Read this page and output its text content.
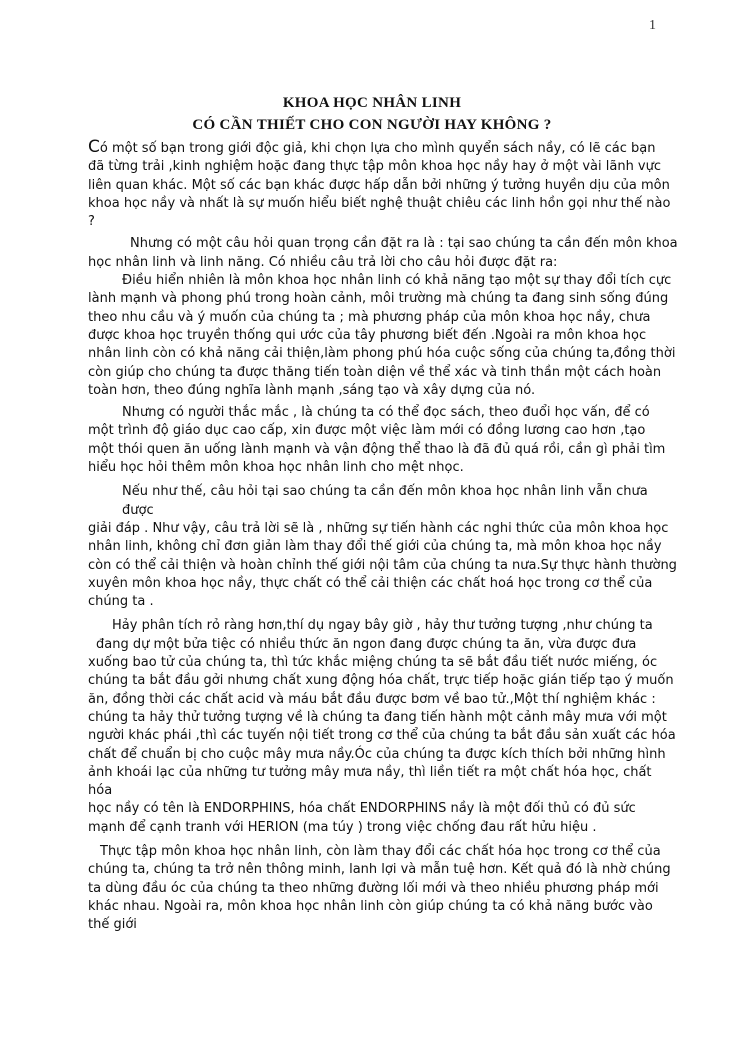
1
KHOA HỌC NHÂN LINH
CÓ CẦN THIẾT CHO CON NGƯỜI HAY KHÔNG ?
Có một số bạn trong giới độc giả, khi chọn lựa cho mình quyển sách nầy, có lẽ các bạn
đã từng trải ,kinh nghiệm hoặc đang thực tập môn khoa học nầy hay ở một vài lãnh vực
liên quan khác. Một số các bạn khác được hấp dẫn bởi những ý tưởng huyền dịu của môn
khoa học nầy và nhất là sự muốn hiểu biết nghệ thuật chiêu các linh hồn gọi như thế nào
?
Nhưng có một câu hỏi quan trọng cần đặt ra là : tại sao chúng ta cần đến môn khoa
học nhân linh và linh năng. Có nhiều câu trả lời cho câu hỏi được đặt ra:
Điều hiển nhiên là môn khoa học nhân linh có khả năng tạo một sự thay đổi tích cực
lành mạnh và phong phú trong hoàn cảnh, môi trường mà chúng ta đang sinh sống đúng
theo nhu cầu và ý muốn của chúng ta ; mà phương pháp của môn khoa học nầy, chưa
được khoa học truyền thống qui ước của tây phương biết đến .Ngoài ra môn khoa học
nhân linh còn có khả năng cải thiện,làm phong phú hóa cuộc sống của chúng ta,đồng thời
còn giúp cho chúng ta được thăng tiến toàn diện về thể xác và tinh thần một cách hoàn
toàn hơn, theo đúng nghĩa lành mạnh ,sáng tạo và xây dựng của nó.
Nhưng có người thắc mắc , là chúng ta có thể đọc sách, theo đuổi học vấn, để có
một trình độ giáo dục cao cấp, xin được một việc làm mới có đồng lương cao hơn ,tạo
một thói quen ăn uống lành mạnh và vận động thể thao là đã đủ quá rồi, cần gì phải tìm
hiểu học hỏi thêm môn khoa học nhân linh cho mệt nhọc.
Nếu như thế, câu hỏi tại sao chúng ta cần đến môn khoa học nhân linh vẫn chưa được
giải đáp . Như vậy, câu trả lời sẽ là , những sự tiến hành các nghi thức của môn khoa học
nhân linh, không chỉ đơn giản làm thay đổi thế giới của chúng ta, mà môn khoa học nầy
còn có thể cải thiện và hoàn chỉnh thế giới nội tâm của chúng ta nưa.Sự thực hành thường
xuyên môn khoa học nầy, thực chất có thể cải thiện các chất hoá học trong cơ thể của
chúng ta .
Hảy phân tích rỏ ràng hơn,thí dụ ngay bây giờ , hảy thư tưởng tượng ,như chúng ta
đang dự một bửa tiệc có nhiều thức ăn ngon đang được chúng ta ăn, vừa được đưa
xuống bao tử của chúng ta, thì tức khắc miệng chúng ta sẽ bắt đầu tiết nước miếng, óc
chúng ta bắt đầu gởi nhưng chất xung động hóa chất, trực tiếp hoặc gián tiếp tạo ý muốn
ăn, đồng thời các chất acid và máu bắt đầu được bơm về bao tử.,Một thí nghiệm khác :
chúng ta hảy thử tưởng tượng về là chúng ta đang tiến hành một cảnh mây mưa với một
người khác phái ,thì các tuyến nội tiết trong cơ thể của chúng ta bắt đầu sản xuất các hóa
chất để chuẩn bị cho cuộc mây mưa nầy.Óc của chúng ta được kích thích bởi những hình
ảnh khoái lạc của những tư tưởng mây mưa nầy, thì liền tiết ra một chất hóa học, chất hóa
học nầy có tên là ENDORPHINS, hóa chất ENDORPHINS nầy là một đối thủ có đủ sức
mạnh để cạnh tranh với HERION (ma túy ) trong việc chống đau rất hửu hiệu .
Thực tập môn khoa học nhân linh, còn làm thay đổi các chất hóa học trong cơ thể của
chúng ta, chúng ta trở nên thông minh, lanh lợi và mẫn tuệ hơn. Kết quả đó là nhờ chúng
ta dùng đầu óc của chúng ta theo những đường lối mới và theo nhiều phương pháp mới
khác nhau. Ngoài ra, môn khoa học nhân linh còn giúp chúng ta có khả năng bước vào
thế giới
